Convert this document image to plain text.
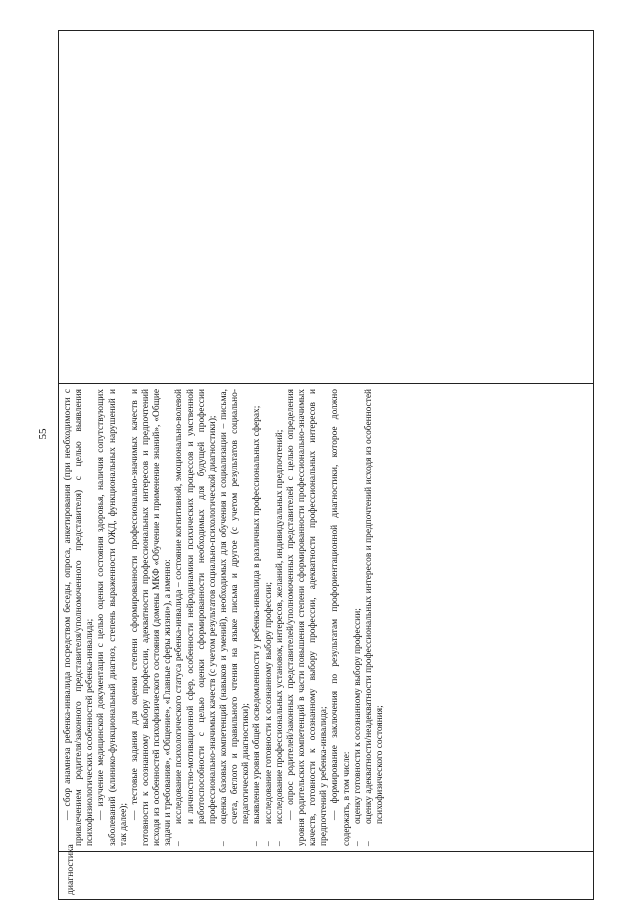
55
диагностика

— сбор анамнеза ребенка-инвалида посредством беседы, опроса, анкетирования (при необходимости с привлечением родителя/законного представителя/уполномоченного представителя) с целью выявления психофизиологических особенностей ребенка-инвалида; — изучение медицинской документации с целью оценки состояния здоровья, наличия сопутствующих заболеваний (клинико-функциональный диагноз, степень выраженности ОЖД, функциональных нарушений и так далее);

— тестовые задания для оценки степени сформированности профессионально-значимых качеств и готовности к осознанному выбору профессии, адекватности профессиональных интересов и предпочтений исходя из особенностей психофизического состояния (домены МКФ «Обучение и применение знаний», «Общие задачи и требования», «Общение», «Главные сферы жизни»), а именно: –исследование психологического статуса ребенка-инвалида – состояние когнитивной, эмоционально-волевой и личностно-мотивационной сфер, особенности нейродинамики психических процессов и умственной работоспособности с целью оценки сформированности необходимых для будущей профессии профессионально-значимых качеств (с учетом результатов социально-психологической диагностики);

–оценка базовых компетенций (навыков и умений), необходимых для обучения и социализации – письма, счета, беглого и правильного чтения на языке письма и другое (с учетом результатов социально-педагогической диагностики);

–выявление уровня общей осведомленности у ребенка-инвалида в различных профессиональных сферах;

–исследование готовности к осознанному выбору профессии;

–исследование профессиональных установок, интересов, желаний, индивидуальных предпочтений; — опрос родителей/законных представителей/уполномоченных представителей с целью определения уровня родительских компетенций в части повышения степени сформированности профессионально-значимых качеств, готовности к осознанному выбору профессии, адекватности профессиональных интересов и предпочтений у ребенка-инвалида; — формирование заключения по результатам профориентационной диагностики, которое должно содержать, в том числе: –оценку готовности к осознанному выбору профессии;

–оценку адекватности/неадекватности профессиональных интересов и предпочтений исходя из особенностей психофизического состояния;
